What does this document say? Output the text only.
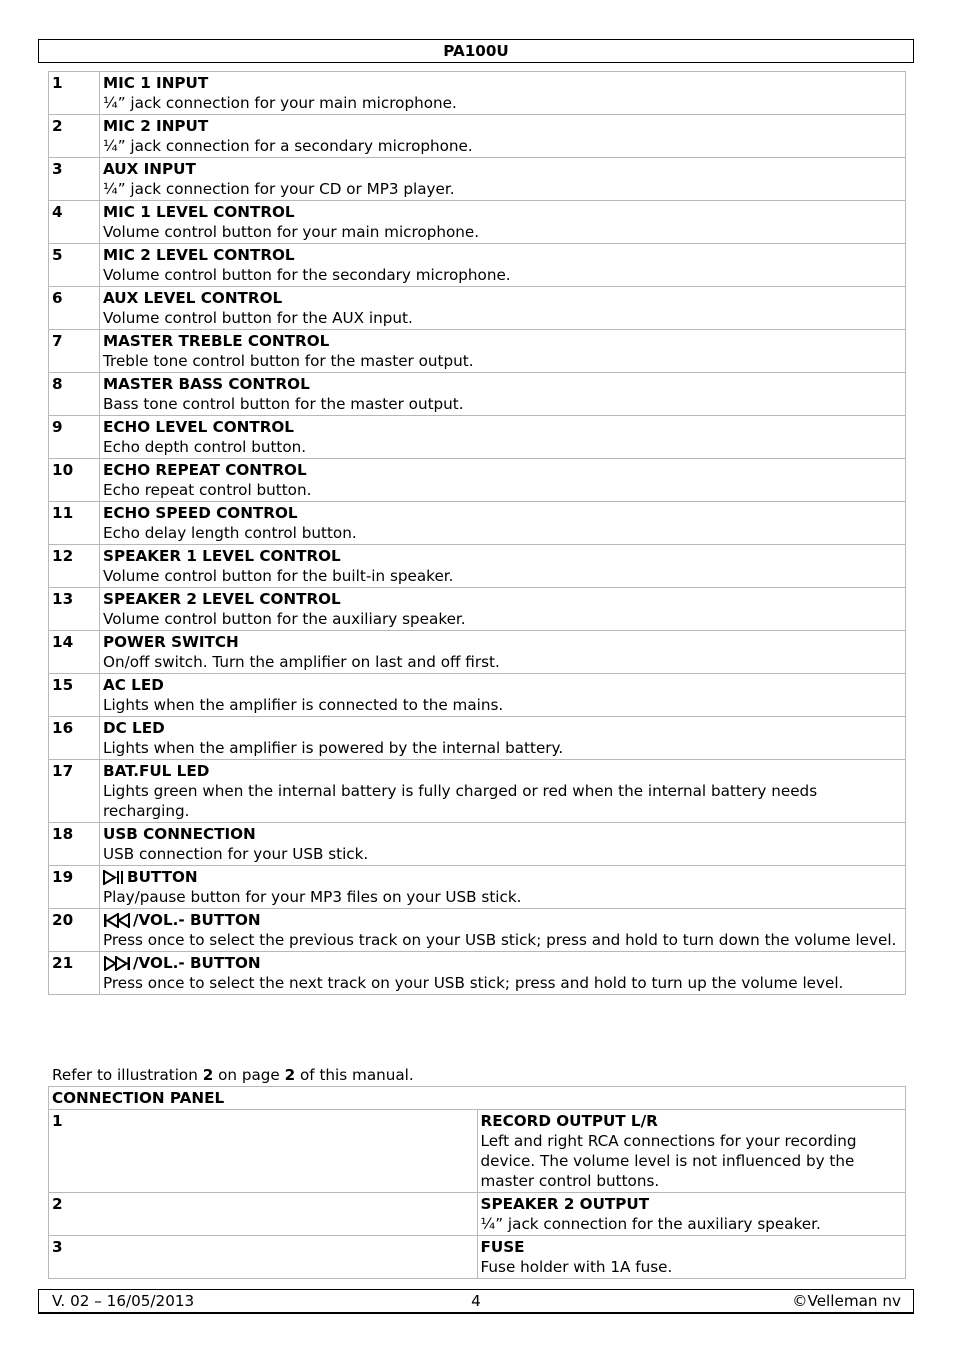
PA100U
1	MIC 1 INPUT
¼” jack connection for your main microphone.

2	MIC 2 INPUT
¼” jack connection for a secondary microphone.

3	AUX INPUT
¼” jack connection for your CD or MP3 player.

4	MIC 1 LEVEL CONTROL
Volume control button for your main microphone.

5	MIC 2 LEVEL CONTROL
Volume control button for the secondary microphone.

6	AUX LEVEL CONTROL
Volume control button for the AUX input.

7	MASTER TREBLE CONTROL
Treble tone control button for the master output.

8	MASTER BASS CONTROL
Bass tone control button for the master output.

9	ECHO LEVEL CONTROL
Echo depth control button.

10	ECHO REPEAT CONTROL
Echo repeat control button.

11	ECHO SPEED CONTROL
Echo delay length control button.

12	SPEAKER 1 LEVEL CONTROL
Volume control button for the built-in speaker.

13	SPEAKER 2 LEVEL CONTROL
Volume control button for the auxiliary speaker.

14	POWER SWITCH
On/off switch. Turn the amplifier on last and off first.

15	AC LED
Lights when the amplifier is connected to the mains.

16	DC LED
Lights when the amplifier is powered by the internal battery.

17	BAT.FUL LED
Lights green when the internal battery is fully charged or red when the internal battery needs recharging.

18	USB CONNECTION
USB connection for your USB stick.

19	BUTTON
Play/pause button for your MP3 files on your USB stick.

20	/VOL.- BUTTON
Press once to select the previous track on your USB stick; press and hold to turn down the volume level.

21	/VOL.- BUTTON
Press once to select the next track on your USB stick; press and hold to turn up the volume level.
Refer to illustration 2 on page 2 of this manual.
CONNECTION PANEL	
1	RECORD OUTPUT L/R
Left and right RCA connections for your recording device. The volume level is not influenced by the master control buttons.

2	SPEAKER 2 OUTPUT
¼” jack connection for the auxiliary speaker.

3	FUSE
Fuse holder with 1A fuse.
V. 02 – 16/05/2013	4	©Velleman nv
